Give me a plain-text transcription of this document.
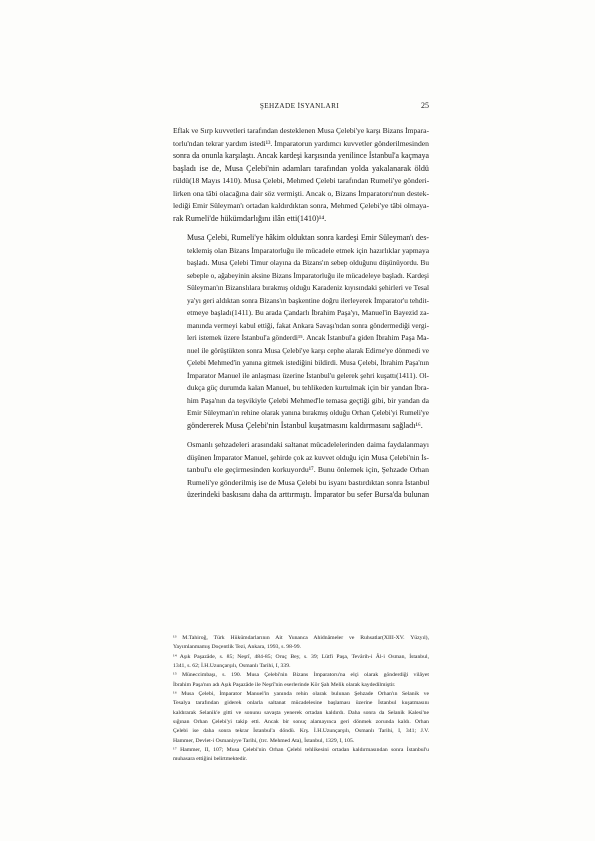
ŞEHZADE İSYANLARI	25

Eflak ve Sırp kuvvetleri tarafından desteklenen Musa Çelebi'ye karşı Bizans İmpara-
torlu'ndan tekrar yardım istedi¹³. İmparatorun yardımcı kuvvetler gönderilmesinden
sonra da onunla karşılaştı. Ancak kardeşi karşısında yenilince İstanbul'a kaçmaya
başladı ise de, Musa Çelebi'nin adamları tarafından yolda yakalanarak öldü
rüldü(18 Mayıs 1410). Musa Çelebi, Mehmed Çelebi tarafından Rumeli'ye gönderi-
lirken ona tâbi olacağına dair söz vermişti. Ancak o, Bizans İmparatoru'nun destek-
lediği Emir Süleyman'ı ortadan kaldırdıktan sonra, Mehmed Çelebi'ye tâbi olmaya-
rak Rumeli'de hükümdarlığını ilân etti(1410)¹⁴.

Musa Çelebi, Rumeli'ye hâkim olduktan sonra kardeşi Emir Süleyman'ı des-
teklemiş olan Bizans İmparatorluğu ile mücadele etmek için hazırlıklar yapmaya
başladı. Musa Çelebi Timur olayına da Bizans'ın sebep olduğunu düşünüyordu. Bu
sebeple o, ağabeyinin aksine Bizans İmparatorluğu ile mücadeleye başladı. Kardeşi
Süleyman'ın Bizanslılara bırakmış olduğu Karadeniz kıyısındaki şehirleri ve Tesal
ya'yı geri aldıktan sonra Bizans'ın başkentine doğru ilerleyerek İmparator'u tehdit-
etmeye başladı(1411). Bu arada Çandarlı İbrahim Paşa'yı, Manuel'in Bayezid za-
manında vermeyi kabul ettiği, fakat Ankara Savaşı'ndan sonra göndermediği vergi-
leri istemek üzere İstanbul'a gönderdi¹⁵. Ancak İstanbul'a giden İbrahim Paşa Ma-
nuel ile görüştükten sonra Musa Çelebi'ye karşı cephe alarak Edirne'ye dönmedi ve
Çelebi Mehmed'in yanına gitmek istediğini bildirdi. Musa Çelebi, İbrahim Paşa'nın
İmparator Manuel ile anlaşması üzerine İstanbul'u gelerek şehri kuşattı(1411). Ol-
dukça güç durumda kalan Manuel, bu tehlikeden kurtulmak için bir yandan İbra-
him Paşa'nın da teşvikiyle Çelebi Mehmed'le temasa geçtiği gibi, bir yandan da
Emir Süleyman'ın rehine olarak yanına bırakmış olduğu Orhan Çelebi'yi Rumeli'ye
göndererek Musa Çelebi'nin İstanbul kuşatmasını kaldırmasını sağladı¹⁶.

Osmanlı şehzadeleri arasındaki saltanat mücadelelerinden daima faydalanmayı
düşünen İmparator Manuel, şehirde çok az kuvvet olduğu için Musa Çelebi'nin İs-
tanbul'u ele geçirmesinden korkuyordu¹⁷. Bunu önlemek için, Şehzade Orhan
Rumeli'ye gönderilmiş ise de Musa Çelebi bu isyanı bastırdıktan sonra İstanbul
üzerindeki baskısını daha da arttırmıştı. İmparator bu sefer Bursa'da bulunan

¹³ M.Tahiroğ, Türk Hükümdarlarının Ait Yunanca Ahidnâmeler ve Ruhsatlar(XIII-XV. Yüzyıl),
Yayımlanmamış Doçentlik Tezi, Ankara, 1993, s. 98-99.
¹⁴ Aşık Paşazâde, s. 85; Neşrî, 484-85; Oruç Bey, s. 39; Lütfi Paşa, Tevârih-i Âl-i Osman, İstanbul,
1341, s. 62; İ.H.Uzunçarşılı, Osmanlı Tarihi, I, 339.
¹⁵ Müneccimbaşı, s. 190. Musa Çelebi'nin Bizans İmparatoru'na elçi olarak gönderdiği vilâyet
İbrahim Paşa'nın adı Aşık Paşazâde ile Neşrî'nin eserlerinde Kör Şah Melik olarak kaydedilmiştir.
¹⁶ Musa Çelebi, İmparator Manuel'in yanında rehin olarak bulunan Şehzade Orhan'ın Selanik ve
Tesalya tarafından giderek onlarla saltanat mücadelesine başlaması üzerine İstanbul kuşatmasını
kaldırarak Selanik'e gitti ve sonunu savaşta yenerek ortadan kaldırdı. Daha sonra da Selanik Kalesi'ne
sığınan Orhan Çelebi'yi takip etti. Ancak bir sonuç alamayınca geri dönmek zorunda kaldı. Orhan
Çelebi ise daha sonra tekrar İstanbul'a döndü. Krş. İ.H.Uzunçarşılı, Osmanlı Tarihi, I, 341; J.V.
Hammer, Devlet-i Osmaniyye Tarihi, (trc. Mehmed Ata), İstanbul, 1329, I, 105.
¹⁷ Hammer, II, 107; Musa Çelebi'nin Orhan Çelebi tehlikesini ortadan kaldırmasından sonra İstanbul'u
muhasara ettiğini belirtmektedir.
